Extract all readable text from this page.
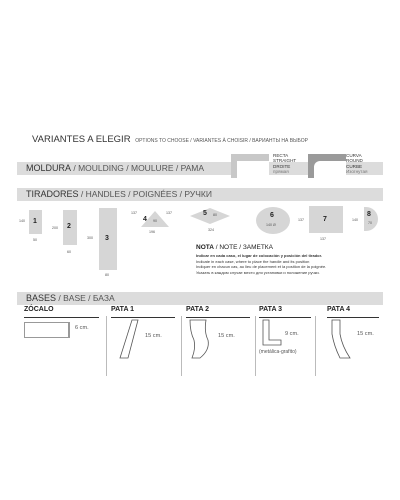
VARIANTES A ELEGIR OPTIONS TO CHOOSE / VARIANTES À CHOISIR / ВАРИАНТЫ НА ВЫБОР
MOLDURA / MOULDING / MOULURE / PAMA
RECTA
STRAIGHT
DROITE
прямая
CURVA
ROUND
CURBE
Изогнутая
TIRADORES / HANDLES / POIGNÉES / РУЧКИ
1
140
50
2
200
60
3
300
80
4 90
137	137
196
5 80
324
6
140 Ø
7
137
137
8
70
140
NOTA / NOTE / ЗАМЕТКА
Indicar en cada caso, el lugar de colocación y posición del tirador.
Indicate in each case, where to place the handle and its position
Indiquer en chacun cas, au lieu de placement et la position de la poignée.
Указать в каждом случае место для установки и положение ручки.
BASES / BASE / БАЗА
ZÓCALO
6 cm.
PATA 1
15 cm.
PATA 2
15 cm.
PATA 3
9 cm.
(metálica-grafito)
PATA 4
15 cm.
